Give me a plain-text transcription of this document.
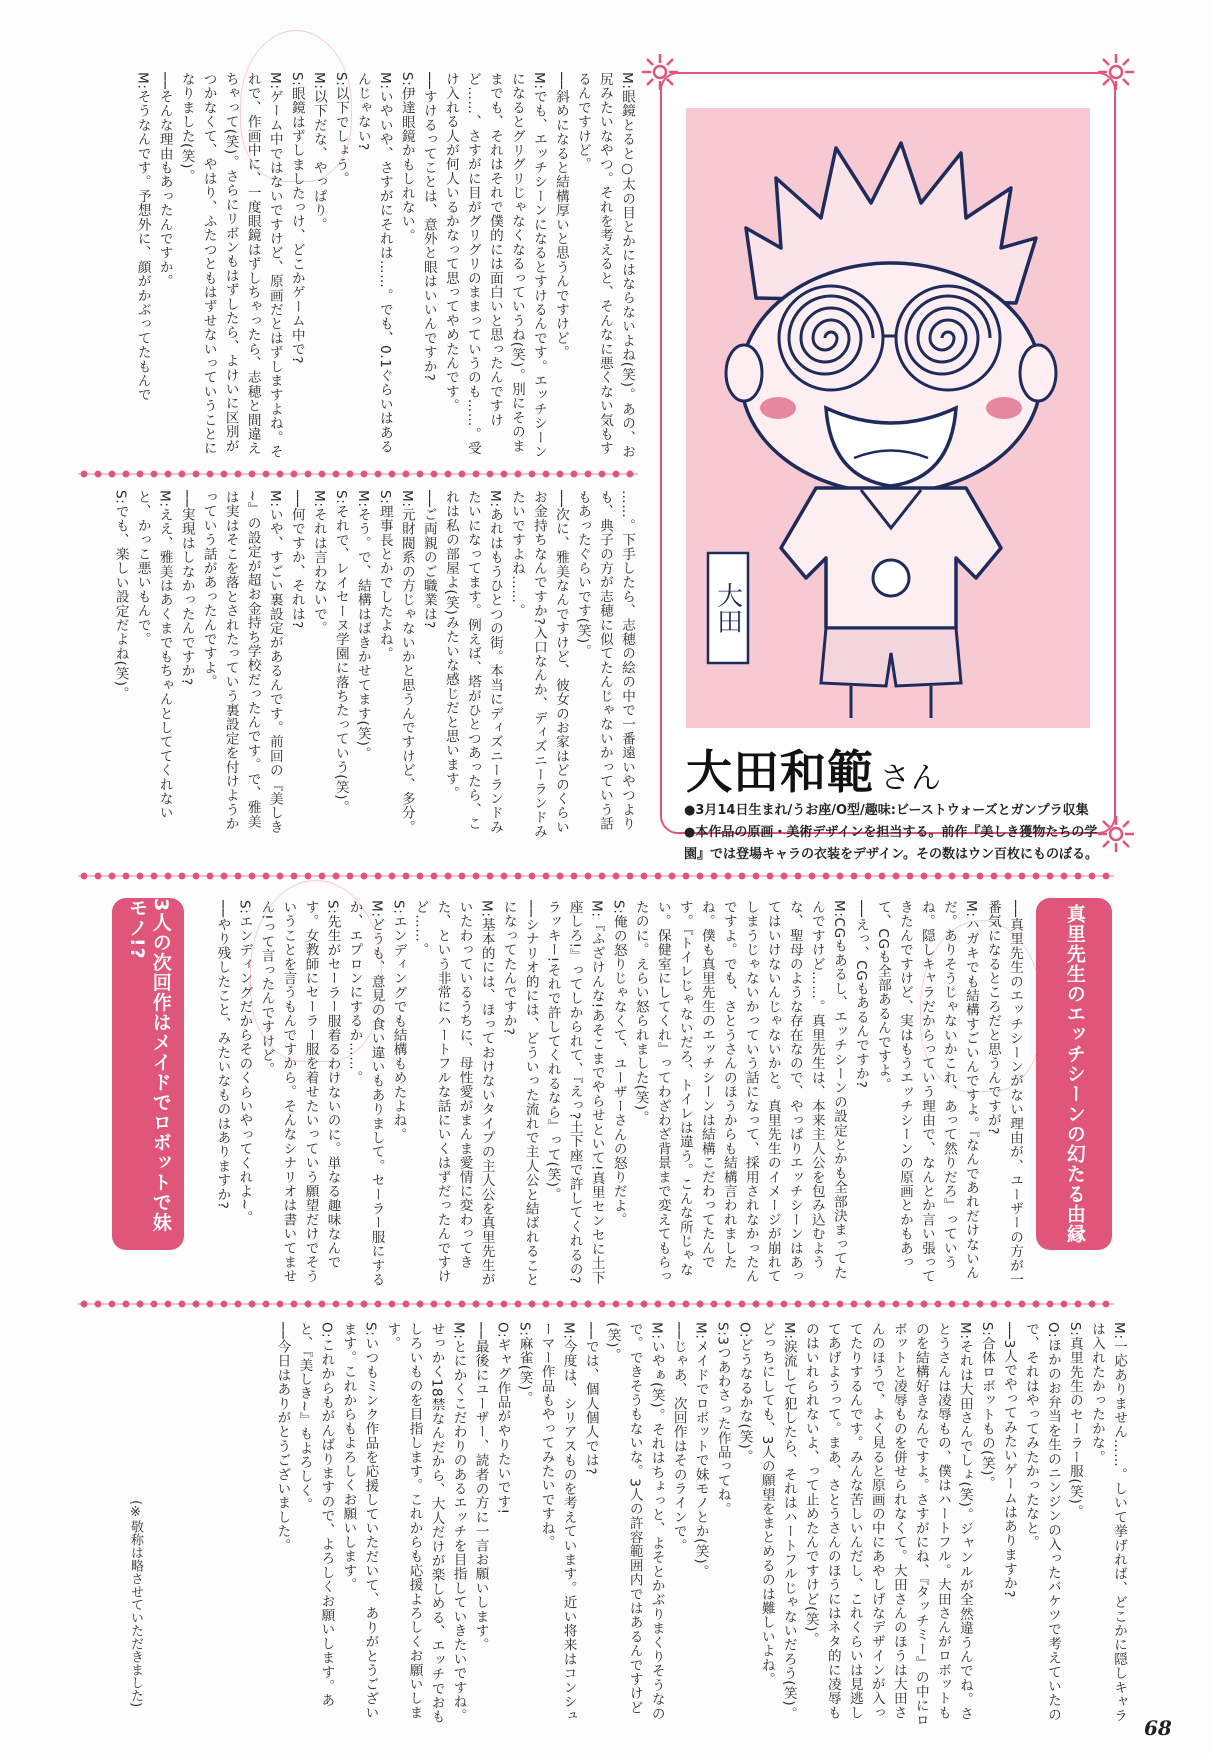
M:眼鏡とると○太の目とかにはならないよね(笑)。あの、お尻みたいなやつ。それを考えると、そんなに悪くない気もするんですけど。

──斜めになると結構厚いと思うんですけど。

M:でも、エッチシーンになるとすけるんです。エッチシーンになるとグリグリじゃなくなるっていうね(笑)。別にそのままでも、それはそれで僕的には面白いと思ったんですけど……、さすがに目がグリグリのままっていうのも……。受け入れる人が何人いるかなって思ってやめたんです。

──すけるってことは、意外と眼はいいんですか?

S:伊達眼鏡かもしれない。

M:いやいや、さすがにそれは……。でも、0.1ぐらいはあるんじゃない?

S:以下でしょう。

M:以下だな、やっぱり。

S:眼鏡はずしましたっけ、どこかゲーム中で?

M:ゲーム中ではないですけど、原画だとはずしますよね。それで、作画中に、一度眼鏡はずしちゃったら、志穂と間違えちゃって(笑)。さらにリボンもはずしたら、よけいに区別がつかなくて、やはり、ふたつともはずせないっていうことになりました(笑)。

──そんな理由もあったんですか。

M:そうなんです。予想外に、顔がかぶってたもんで

……。下手したら、志穂の絵の中で一番遠いやつよりも、典子の方が志穂に似てたんじゃないかっていう話もあったぐらいです(笑)。

──次に、雅美なんですけど、彼女のお家はどのくらいお金持ちなんですか?入口なんか、ディズニーランドみたいですよね……。

M:あれはもうひとつの街。本当にディズニーランドみたいになってます。例えば、塔がひとつあったら、これは私の部屋よ(笑)みたいな感じだと思います。

──ご両親のご職業は?

M:元財閥系の方じゃないかと思うんですけど、多分。

S:理事長とかでしたよね。

M:そう。で、結構はばきかせてます(笑)。

S:それで、レイセーヌ学園に落ちたっていう(笑)。

M:それは言わないで。

──何ですか、それは?

M:いや、すごい裏設定があるんです。前回の『美しき~』の設定が超お金持ち学校だったんです。で、雅美は実はそこを落とされたっていう裏設定を付けようかっていう話があったんですよ。

──実現はしなかったんですか?

M:ええ、雅美はあくまでもちゃんとしててくれないと、かっこ悪いもんで。

S:でも、楽しい設定だよね(笑)。	大田
大田和範 さん
●3月14日生まれ/うお座/O型/趣味:ビーストウォーズとガンプラ収集
●本作品の原画・美術デザインを担当する。前作『美しき獲物たちの学
園』では登場キャラの衣装をデザイン。その数はウン百枚にものぼる。
真里先生のエッチシーンの幻たる由縁
3人の次回作はメイドでロボットで妹モノ!?	──真里先生のエッチシーンがない理由が、ユーザーの方が一番気になるところだと思うんですが?

M:ハガキでも結構すごいんですよ。『なんであれだけないんだ。ありそうじゃないかこれ、あって然りだろ』っていうね。隠しキャラだからっていう理由で、なんとか言い張ってきたんですけど、実はもうエッチシーンの原画とかもあって、CGも全部あるんですよ。

──えっ、CGもあるんですか?

M:CGもあるし、エッチシーンの設定とかも全部決まってたんですけど……。真里先生は、本来主人公を包み込むような、聖母のような存在なので、やっぱりエッチシーンはあってはいけないんじゃないかと。真里先生のイメージが崩れてしまうじゃないかっていう話になって、採用されなかったんですよ。でも、さとうさんのほうからも結構言われましたね。僕も真里先生のエッチシーンは結構こだわってたんです。『トイレじゃないだろ、トイレは違う。こんな所じゃない。保健室にしてくれ』ってわざわざ背景まで変えてもらったのに。えらい怒られました(笑)。

S:俺の怒りじゃなくて、ユーザーさんの怒りだよ。

M:『ふざけんな!あそこまでやらせといて!真里センセに土下座しろ!』ってしかられて、『えっ?土下座で許してくれるの?ラッキー!それで許してくれるなら』って(笑)。

──シナリオ的には、どういった流れで主人公と結ばれることになってたんですか?

M:基本的には、ほっておけないタイプの主人公を真里先生がいたわっているうちに、母性愛がまんま愛情に変わってきた、という非常にハートフルな話にいくはずだったんですけど……。

S:エンディングでも結構もめたよね。

M:どうも、意見の食い違いもありまして。セーラー服にするか、エプロンにするか……。

S:先生がセーラー服着るわけないのに。単なる趣味なんです。女教師にセーラー服を着せたいっていう願望だけでそういうことを言うもんですから。そんなシナリオは書いてません!って言ったんですけど。

S:エンディングだからそのくらいやってくれよ~。

──やり残したこと、みたいなものはありますか?

M:一応ありません……。しいて挙げれば、どこかに隠しキャラは入れたかったかな。

S:真里先生のセーラー服(笑)。

O:ほかのお弁当を生のニンジンの入ったバケツで考えていたので、それはやってみたかったなと。

──3人でやってみたいゲームはありますか?

S:合体ロボットもの(笑)。

M:それは大田さんでしょ(笑)。ジャンルが全然違うんでね。さとうさんは凌辱もの、僕はハートフル。大田さんがロボットものを結構好きなんですよ。さすがにね、『タッチミー』の中にロボットと凌辱ものを併せられなくて。大田さんのほうは大田さんのほうで、よく見ると原画の中にあやしげなデザインが入ってたりするんです。みんな苦しいんだし、これくらいは見逃してあげようって。まあ、さとうさんのほうにはネタ的に凌辱ものはいれられないよ、って止めたんですけど(笑)。

M:涙流して犯したら、それはハートフルじゃないだろう(笑)。どっちにしても、3人の願望をまとめるのは難しいよね。

O:どうなるかな(笑)。

S:3つあわさった作品ってね。

M:メイドでロボットで妹モノとか(笑)。

──じゃあ、次回作はそのラインで。

M:いやぁ(笑)。それはちょっと、よそとかぶりまくりそうなので。できそうもないな。3人の許容範囲内ではあるんですけど(笑)。

──では、個人個人では?

M:今度は、シリアスものを考えています。近い将来はコンシューマー作品もやってみたいですね。

S:麻雀(笑)。

O:ギャグ作品がやりたいです!

──最後にユーザー、読者の方に一言お願いします。

M:とにかくこだわりのあるエッチを目指していきたいですね。せっかく18禁なんだから、大人だけが楽しめる、エッチでおもしろいものを目指します。これからも応援よろしくお願いします。

S:いつもミンク作品を応援していただいて、ありがとうございます。これからもよろしくお願いします。

O:これからもがんばりますので、よろしくお願いします。あと、『美しき~』もよろしく。

──今日はありがとうございました。

(※敬称は略させていただきました)
68
